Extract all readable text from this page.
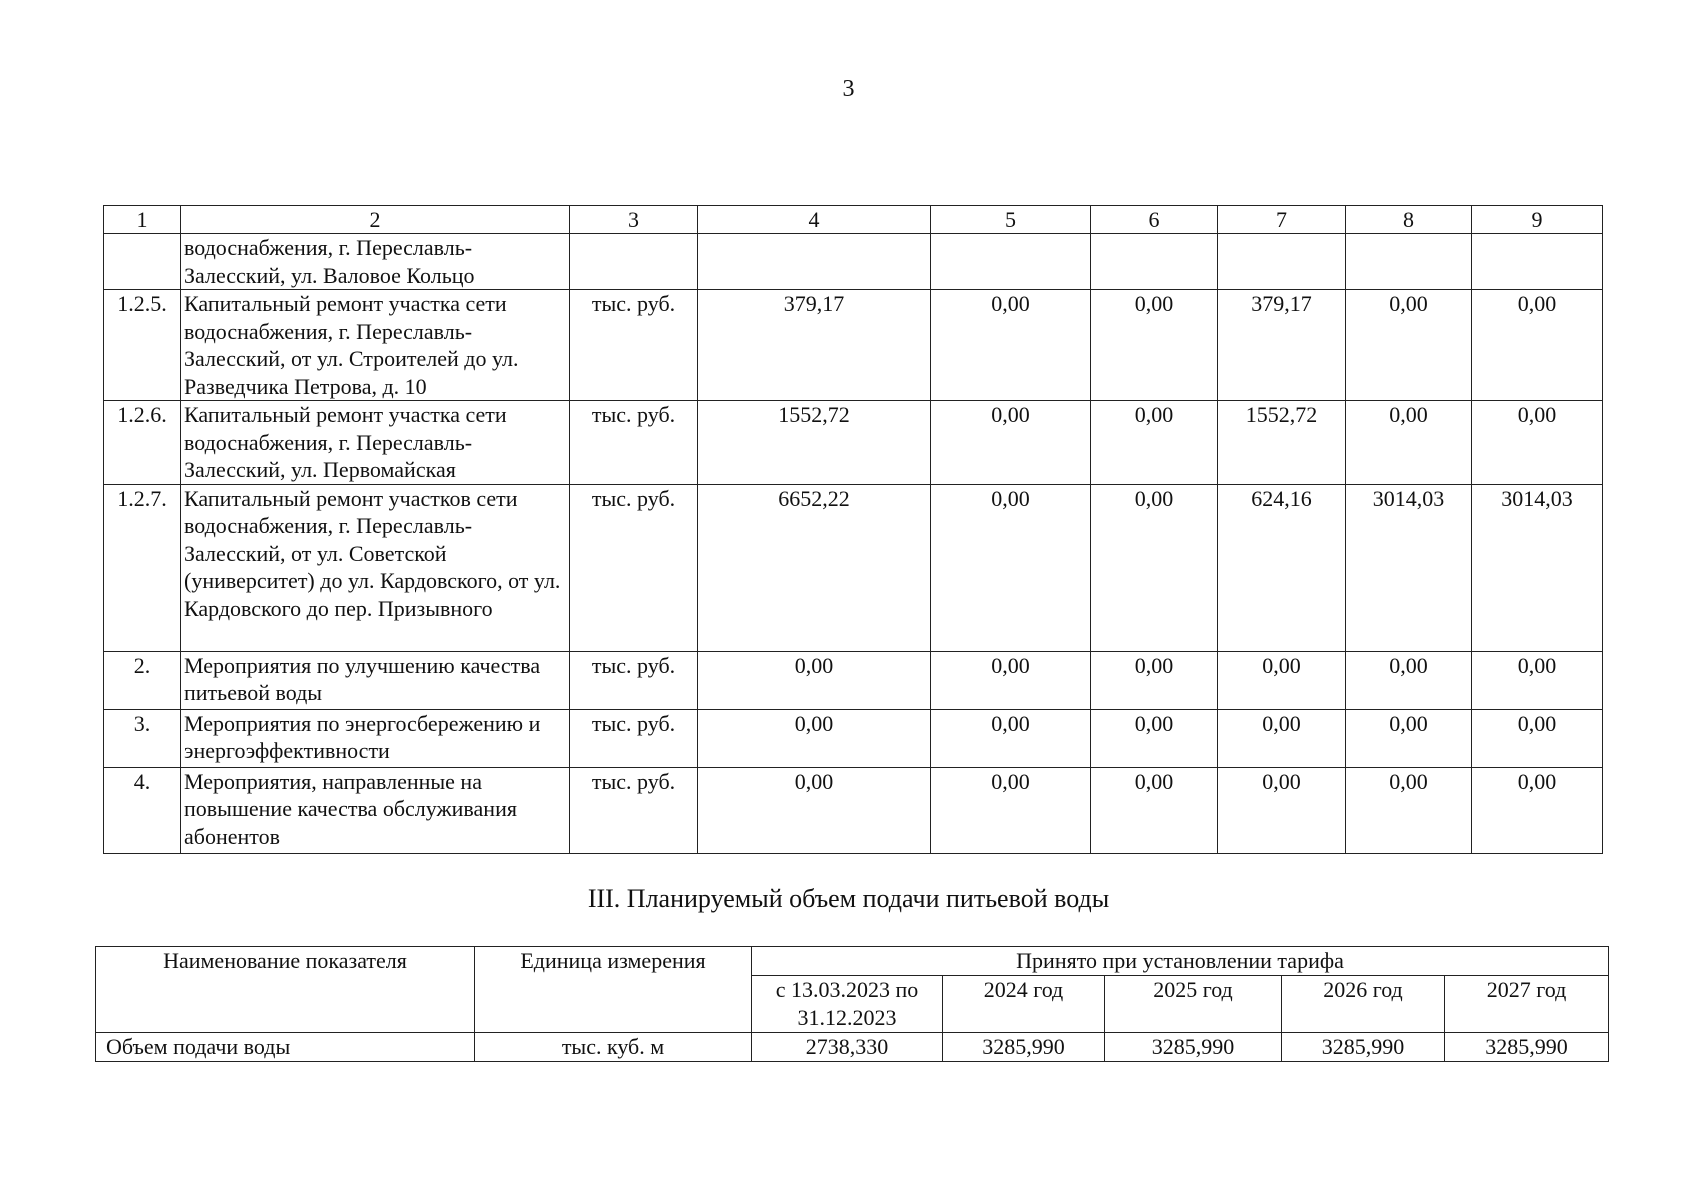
3
1	2	3	4	5	6	7	8	9
	водоснабжения, г. Переславль-Залесский, ул. Валовое Кольцо							
1.2.5.	Капитальный ремонт участка сети водоснабжения, г. Переславль-Залесский, от ул. Строителей до ул. Разведчика Петрова, д. 10	тыс. руб.	379,17	0,00	0,00	379,17	0,00	0,00
1.2.6.	Капитальный ремонт участка сети водоснабжения, г. Переславль-Залесский, ул. Первомайская	тыс. руб.	1552,72	0,00	0,00	1552,72	0,00	0,00
1.2.7.	Капитальный ремонт участков сети водоснабжения, г. Переславль-Залесский, от ул. Советской (университет) до ул. Кардовского, от ул. Кардовского до пер. Призывного	тыс. руб.	6652,22	0,00	0,00	624,16	3014,03	3014,03
2.	Мероприятия по улучшению качества питьевой воды	тыс. руб.	0,00	0,00	0,00	0,00	0,00	0,00
3.	Мероприятия по энергосбережению и энергоэффективности	тыс. руб.	0,00	0,00	0,00	0,00	0,00	0,00
4.	Мероприятия, направленные на повышение качества обслуживания абонентов	тыс. руб.	0,00	0,00	0,00	0,00	0,00	0,00
III. Планируемый объем подачи питьевой воды
Наименование показателя	Единица измерения	Принято при установлении тарифа				
		с 13.03.2023 по 31.12.2023	2024 год	2025 год	2026 год	2027 год
Объем подачи воды	тыс. куб. м	2738,330	3285,990	3285,990	3285,990	3285,990
